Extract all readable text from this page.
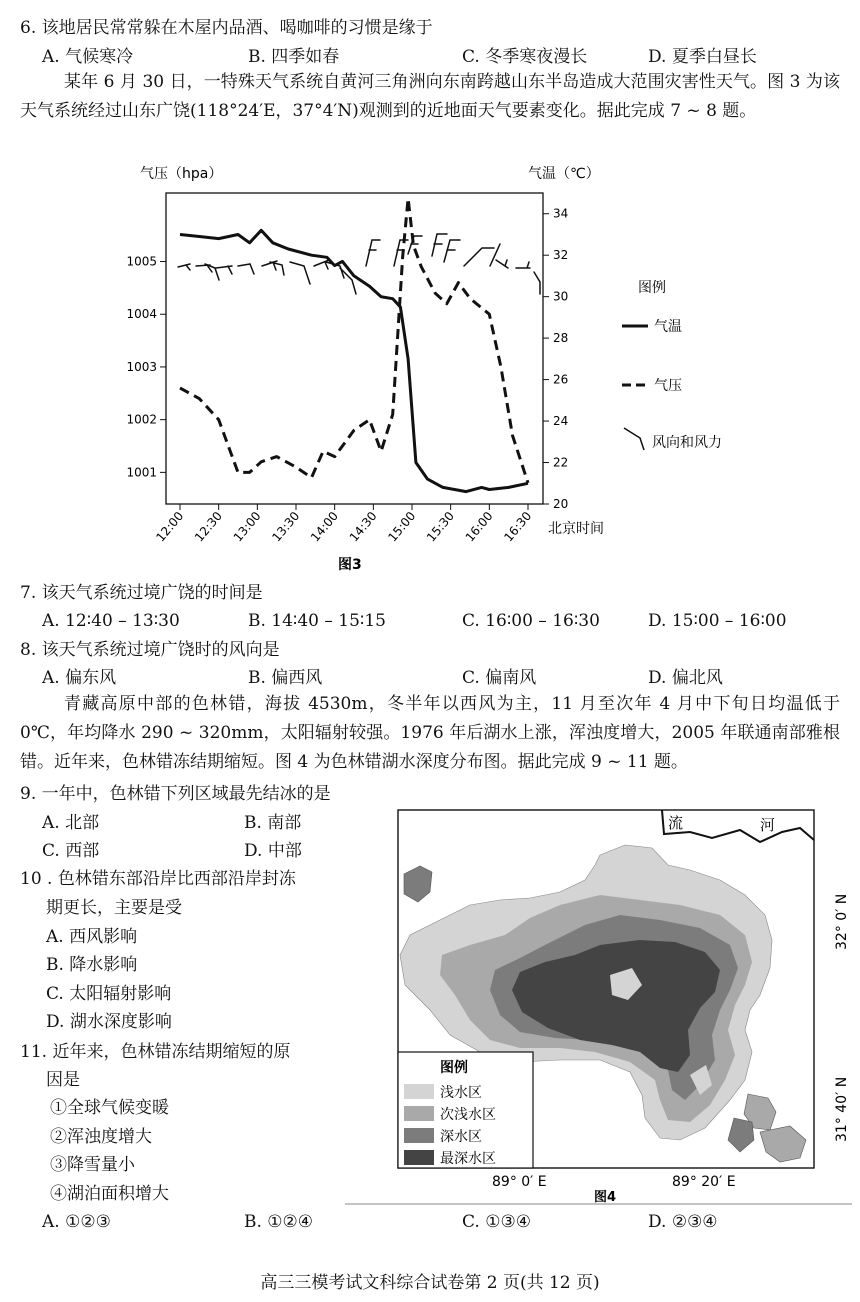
6. 该地居民常常躲在木屋内品酒、喝咖啡的习惯是缘于
A. 气候寒冷	B. 四季如春	C. 冬季寒夜漫长	D. 夏季白昼长
某年 6 月 30 日，一特殊天气系统自黄河三角洲向东南跨越山东半岛造成大范围灾害性天气。图 3 为该天气系统经过山东广饶(118°24′E，37°4′N)观测到的近地面天气要素变化。据此完成 7 ~ 8 题。
气压（hpa）	气温（℃）
1001
1002
1003
1004
1005
20
22
24
26
28
30
32
34
12:00 12:30 13:00 13:30 14:00 14:30 15:00 15:30 16:00 16:30 北京时间
图3
图例
气温
气压
风向和风力
7. 该天气系统过境广饶的时间是
A. 12∶40 – 13∶30	B. 14∶40 – 15∶15	C. 16∶00 – 16∶30	D. 15∶00 – 16∶00
8. 该天气系统过境广饶时的风向是
A. 偏东风	B. 偏西风	C. 偏南风	D. 偏北风
青藏高原中部的色林错，海拔 4530m，冬半年以西风为主，11 月至次年 4 月中下旬日均温低于 0℃，年均降水 290 ~ 320mm，太阳辐射较强。1976 年后湖水上涨，浑浊度增大，2005 年联通南部雅根错。近年来，色林错冻结期缩短。图 4 为色林错湖水深度分布图。据此完成 9 ~ 11 题。
9. 一年中，色林错下列区域最先结冰的是
A. 北部	B. 南部
C. 西部	D. 中部
10 . 色林错东部沿岸比西部沿岸封冻
期更长，主要是受
A. 西风影响
B. 降水影响
C. 太阳辐射影响
D. 湖水深度影响
11. 近年来，色林错冻结期缩短的原
因是
①全球气候变暖
②浑浊度增大
③降雪量小
④湖泊面积增大
A. ①②③	B. ①②④	C. ①③④	D. ②③④
流	河
图例
浅水区
次浅水区
深水区
最深水区
32° 0′ N
31° 40′ N
89° 0′ E	89° 20′ E
图4
高三三模考试文科综合试卷第 2 页(共 12 页)
